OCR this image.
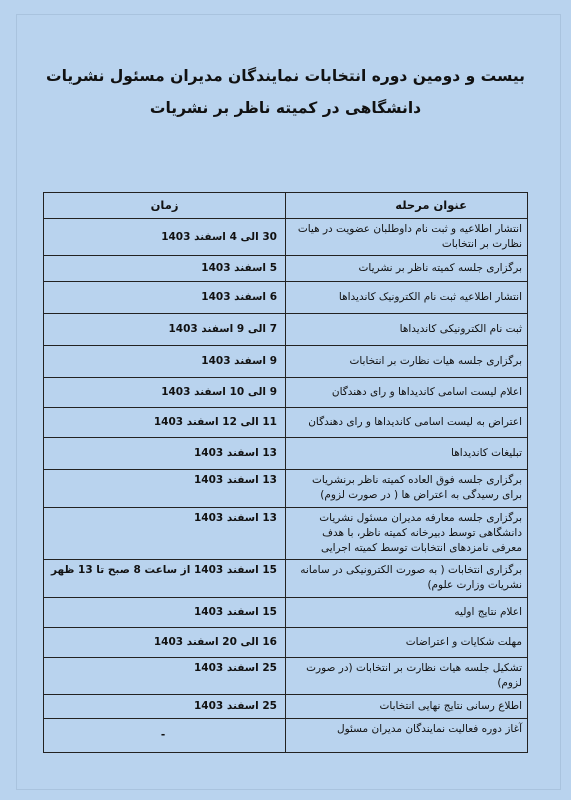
بیست و دومین دوره انتخابات نمایندگان مدیران مسئول نشریات
دانشگاهی در کمیته ناظر بر نشریات
عنوان مرحله	زمان
انتشار اطلاعیه و ثبت نام داوطلبان عضویت در هیات نظارت بر انتخابات	30 الی 4 اسفند 1403
برگزاری جلسه کمیته ناظر بر نشریات	5 اسفند 1403
انتشار اطلاعیه ثبت نام الکترونیک کاندیداها	6 اسفند 1403
ثبت نام الکترونیکی کاندیداها	7 الی 9 اسفند 1403
برگزاری جلسه هیات نظارت بر انتخابات	9 اسفند 1403
اعلام لیست اسامی کاندیداها و رای دهندگان	9 الی 10 اسفند 1403
اعتراض به لیست اسامی کاندیداها و رای دهندگان	11 الی 12 اسفند 1403
تبلیغات کاندیداها	13 اسفند 1403
برگزاری جلسه فوق العاده کمیته ناظر برنشریات برای رسیدگی به اعتراض ها ( در صورت لزوم)	13 اسفند 1403
برگزاری جلسه معارفه مدیران مسئول نشریات دانشگاهی توسط دبیرخانه کمیته ناظر، با هدف معرفی نامزدهای انتخابات توسط کمیته اجرایی	13 اسفند 1403
برگزاری انتخابات ( به صورت الکترونیکی در سامانه نشریات وزارت علوم)	15 اسفند 1403 از ساعت 8 صبح تا 13 ظهر
اعلام نتایج اولیه	15 اسفند 1403
مهلت شکایات و اعتراضات	16 الی 20 اسفند 1403
تشکیل جلسه هیات نظارت بر انتخابات (در صورت لزوم)	25 اسفند 1403
اطلاع رسانی نتایج نهایی انتخابات	25 اسفند 1403
آغاز دوره فعالیت نمایندگان مدیران مسئول	-
